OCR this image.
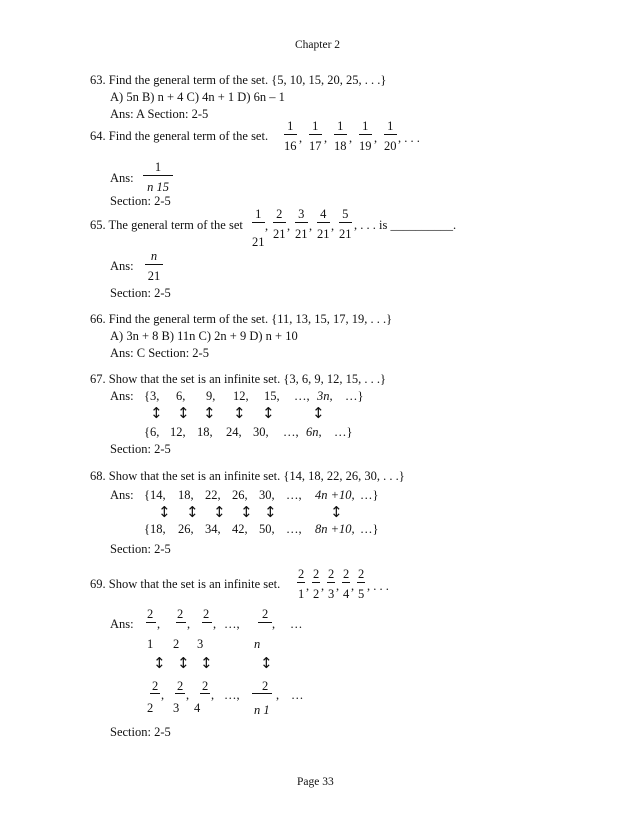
Chapter 2
63. Find the general term of the set. {5, 10, 15, 20, 25, . . .}
A) 5n B) n + 4 C) 4n + 1 D) 6n – 1
Ans: A Section: 2-5
64. Find the general term of the set. $\frac{1}{16}$ , $\frac{1}{17}$ , $\frac{1}{18}$ , $\frac{1}{19}$ , $\frac{1}{20}$ , . . .
Ans: $\frac{1}{n 15}$
Section: 2-5
65. The general term of the set
1
, $\frac{2}{21}$ , $\frac{3}{21}$ , $\frac{4}{21}$ , $\frac{5}{21}$
21
, . . . is __________.
Ans: $\frac{n}{21}$
Section: 2-5
66. Find the general term of the set. {11, 13, 15, 17, 19, . . .}
A) 3n + 8 B) 11n C) 2n + 9 D) n + 10
Ans: C Section: 2-5
67. Show that the set is an infinite set. {3, 6, 9, 12, 15, . . .}
Ans: {3, 6, 9, 12, 15, …, 3n, …}
↕ ↕ ↕ ↕ ↕ ↕
{6, 12, 18, 24, 30, …, 6n, …}
Section: 2-5
68. Show that the set is an infinite set. {14, 18, 22, 26, 30, . . .}
Ans: {14, 18, 22, 26, 30, …, 4n +10, …}
↕ ↕ ↕ ↕ ↕	↕
{18, 26, 34, 42, 50, …, 8n +10, …}
Section: 2-5
69. Show that the set is an infinite set. $\frac{2}{1}$ , $\frac{2}{2}$ , $\frac{2}{3}$ , $\frac{2}{4}$ , $\frac{2}{5}$ , . . .
Ans:
2
,
2
,
2
, …,
2
, …
1 2 3	n
↕ ↕ ↕	↕
2
,
2
,
2
, …,
2
, …
2 3 4	n 1
Section: 2-5
Page 33
